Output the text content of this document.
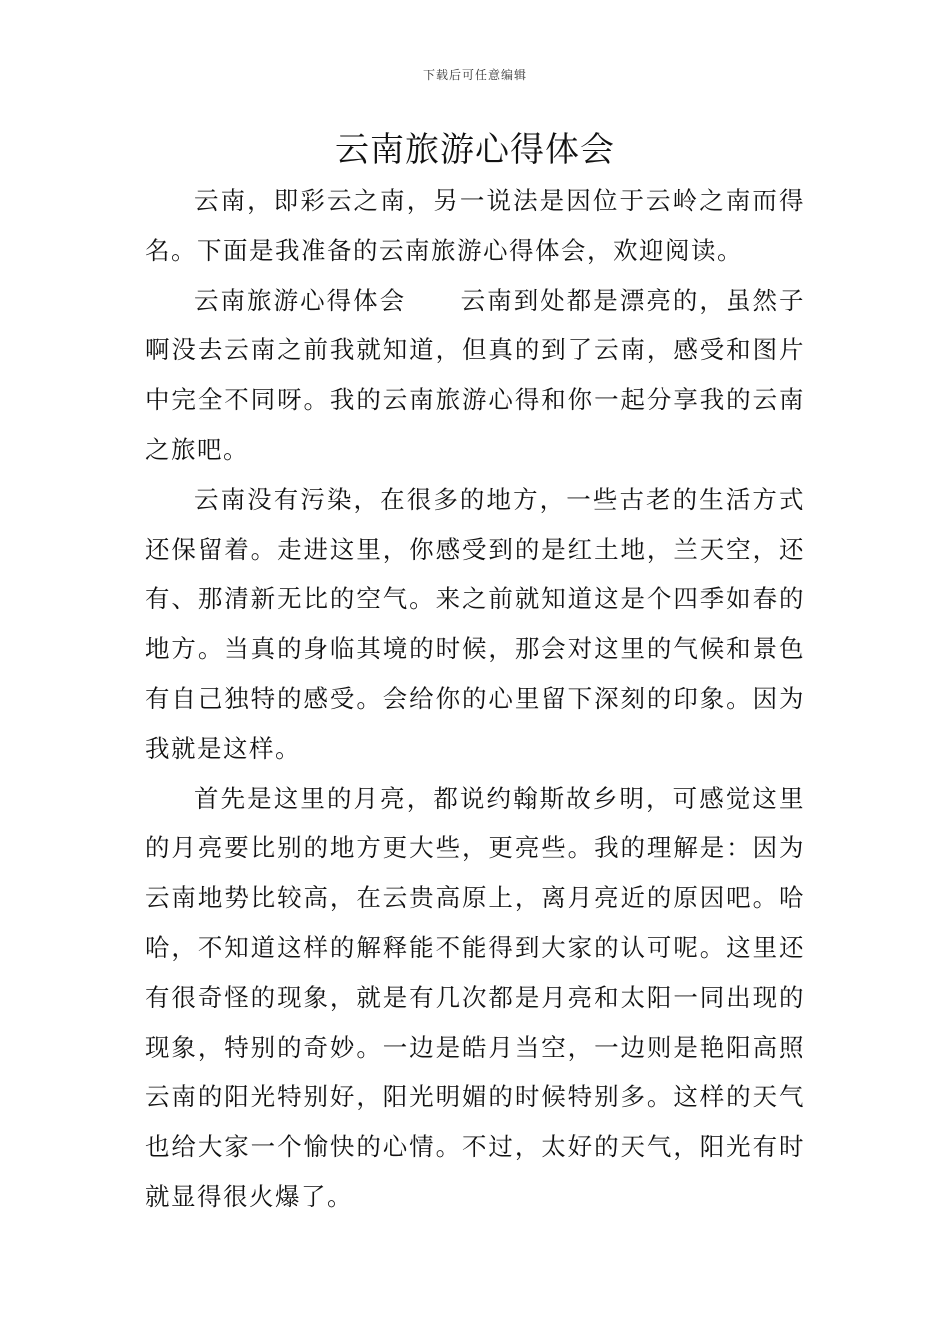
下载后可任意编辑
云南旅游心得体会

云南，即彩云之南，另一说法是因位于云岭之南而得名。下面是我准备的云南旅游心得体会，欢迎阅读。

云南旅游心得体会 云南到处都是漂亮的，虽然子啊没去云南之前我就知道，但真的到了云南，感受和图片中完全不同呀。我的云南旅游心得和你一起分享我的云南之旅吧。

云南没有污染，在很多的地方，一些古老的生活方式还保留着。走进这里，你感受到的是红土地，兰天空，还有、那清新无比的空气。来之前就知道这是个四季如春的地方。当真的身临其境的时候，那会对这里的气候和景色有自己独特的感受。会给你的心里留下深刻的印象。因为我就是这样。

首先是这里的月亮，都说约翰斯故乡明，可感觉这里的月亮要比别的地方更大些，更亮些。我的理解是：因为云南地势比较高，在云贵高原上，离月亮近的原因吧。哈哈，不知道这样的解释能不能得到大家的认可呢。这里还有很奇怪的现象，就是有几次都是月亮和太阳一同出现的现象，特别的奇妙。一边是皓月当空，一边则是艳阳高照云南的阳光特别好，阳光明媚的时候特别多。这样的天气也给大家一个愉快的心情。不过，太好的天气，阳光有时就显得很火爆了。
